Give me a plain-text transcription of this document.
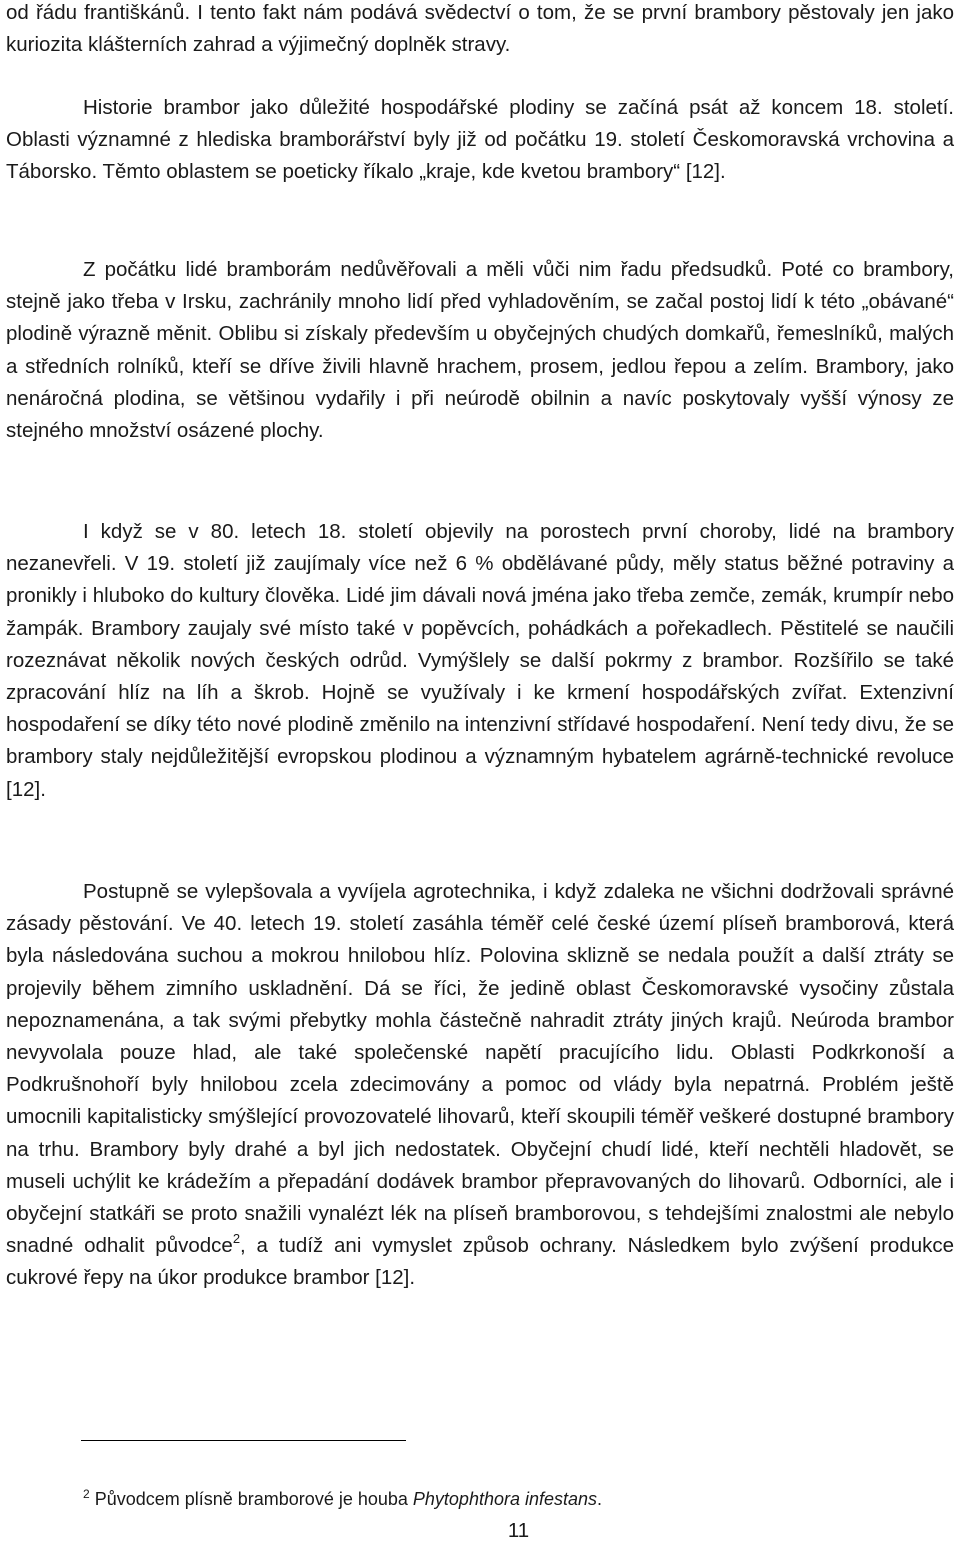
od řádu františkánů. I tento fakt nám podává svědectví o tom, že se první brambory pěstovaly jen jako kuriozita klášterních zahrad a výjimečný doplněk stravy.

Historie brambor jako důležité hospodářské plodiny se začíná psát až koncem 18. století. Oblasti významné z hlediska bramborářství byly již od počátku 19. století Českomoravská vrchovina a Táborsko. Těmto oblastem se poeticky říkalo „kraje, kde kvetou brambory“ [12].

Z počátku lidé bramborám nedůvěřovali a měli vůči nim řadu předsudků. Poté co brambory, stejně jako třeba v Irsku, zachránily mnoho lidí před vyhladověním, se začal postoj lidí k této „obávané“ plodině výrazně měnit. Oblibu si získaly především u obyčejných chudých domkařů, řemeslníků, malých a středních rolníků, kteří se dříve živili hlavně hrachem, prosem, jedlou řepou a zelím. Brambory, jako nenáročná plodina, se většinou vydařily i při neúrodě obilnin a navíc poskytovaly vyšší výnosy ze stejného množství osázené plochy.

I když se v 80. letech 18. století objevily na porostech první choroby, lidé na brambory nezanevřeli. V 19. století již zaujímaly více než 6 % obdělávané půdy, měly status běžné potraviny a pronikly i hluboko do kultury člověka. Lidé jim dávali nová jména jako třeba zemče, zemák, krumpír nebo žampák. Brambory zaujaly své místo také v popěvcích, pohádkách a pořekadlech. Pěstitelé se naučili rozeznávat několik nových českých odrůd. Vymýšlely se další pokrmy z brambor. Rozšířilo se také zpracování hlíz na líh a škrob. Hojně se využívaly i ke krmení hospodářských zvířat. Extenzivní hospodaření se díky této nové plodině změnilo na intenzivní střídavé hospodaření. Není tedy divu, že se brambory staly nejdůležitější evropskou plodinou a významným hybatelem agrárně-technické revoluce [12].

Postupně se vylepšovala a vyvíjela agrotechnika, i když zdaleka ne všichni dodržovali správné zásady pěstování. Ve 40. letech 19. století zasáhla téměř celé české území plíseň bramborová, která byla následována suchou a mokrou hnilobou hlíz. Polovina sklizně se nedala použít a další ztráty se projevily během zimního uskladnění. Dá se říci, že jedině oblast Českomoravské vysočiny zůstala nepoznamenána, a tak svými přebytky mohla částečně nahradit ztráty jiných krajů. Neúroda brambor nevyvolala pouze hlad, ale také společenské napětí pracujícího lidu. Oblasti Podkrkonoší a Podkrušnohoří byly hnilobou zcela zdecimovány a pomoc od vlády byla nepatrná. Problém ještě umocnili kapitalisticky smýšlející provozovatelé lihovarů, kteří skoupili téměř veškeré dostupné brambory na trhu. Brambory byly drahé a byl jich nedostatek. Obyčejní chudí lidé, kteří nechtěli hladovět, se museli uchýlit ke krádežím a přepadání dodávek brambor přepravovaných do lihovarů. Odborníci, ale i obyčejní statkáři se proto snažili vynalézt lék na plíseň bramborovou, s tehdejšími znalostmi ale nebylo snadné odhalit původce$^2$, a tudíž ani vymyslet způsob ochrany. Následkem bylo zvýšení produkce cukrové řepy na úkor produkce brambor [12].

$^2$ Původcem plísně bramborové je houba Phytophthora infestans.

11
